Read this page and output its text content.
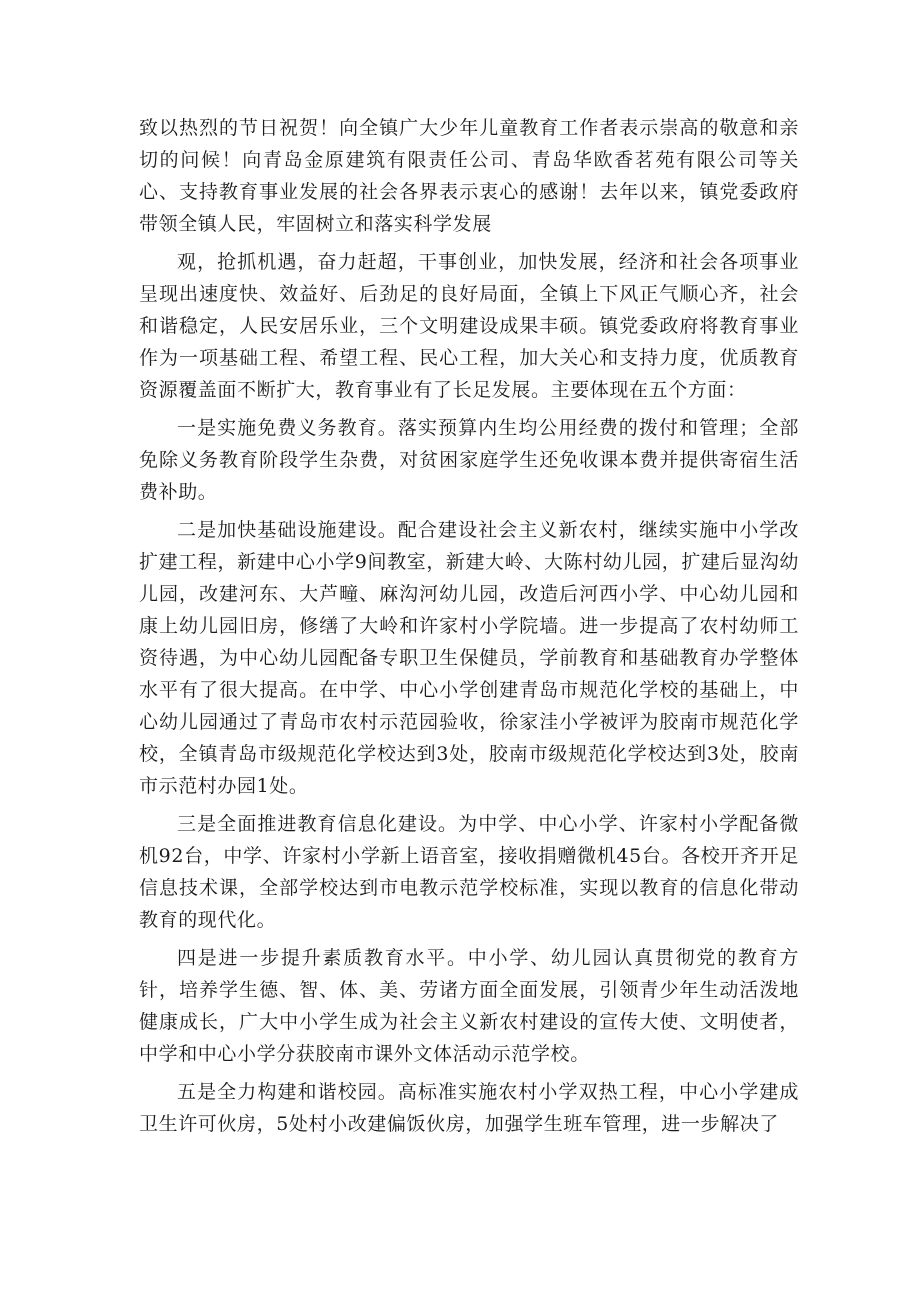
致以热烈的节日祝贺！向全镇广大少年儿童教育工作者表示崇高的敬意和亲切的问候！向青岛金原建筑有限责任公司、青岛华欧香茗苑有限公司等关心、支持教育事业发展的社会各界表示衷心的感谢！去年以来，镇党委政府带领全镇人民，牢固树立和落实科学发展

观，抢抓机遇，奋力赶超，干事创业，加快发展，经济和社会各项事业呈现出速度快、效益好、后劲足的良好局面，全镇上下风正气顺心齐，社会和谐稳定，人民安居乐业，三个文明建设成果丰硕。镇党委政府将教育事业作为一项基础工程、希望工程、民心工程，加大关心和支持力度，优质教育资源覆盖面不断扩大，教育事业有了长足发展。主要体现在五个方面：

一是实施免费义务教育。落实预算内生均公用经费的拨付和管理；全部免除义务教育阶段学生杂费，对贫困家庭学生还免收课本费并提供寄宿生活费补助。

二是加快基础设施建设。配合建设社会主义新农村，继续实施中小学改扩建工程，新建中心小学9间教室，新建大岭、大陈村幼儿园，扩建后显沟幼儿园，改建河东、大芦疃、麻沟河幼儿园，改造后河西小学、中心幼儿园和康上幼儿园旧房，修缮了大岭和许家村小学院墙。进一步提高了农村幼师工资待遇，为中心幼儿园配备专职卫生保健员，学前教育和基础教育办学整体水平有了很大提高。在中学、中心小学创建青岛市规范化学校的基础上，中心幼儿园通过了青岛市农村示范园验收，徐家洼小学被评为胶南市规范化学校，全镇青岛市级规范化学校达到3处，胶南市级规范化学校达到3处，胶南市示范村办园1处。

三是全面推进教育信息化建设。为中学、中心小学、许家村小学配备微机92台，中学、许家村小学新上语音室，接收捐赠微机45台。各校开齐开足信息技术课，全部学校达到市电教示范学校标准，实现以教育的信息化带动教育的现代化。

四是进一步提升素质教育水平。中小学、幼儿园认真贯彻党的教育方针，培养学生德、智、体、美、劳诸方面全面发展，引领青少年生动活泼地健康成长，广大中小学生成为社会主义新农村建设的宣传大使、文明使者，中学和中心小学分获胶南市课外文体活动示范学校。

五是全力构建和谐校园。高标准实施农村小学双热工程，中心小学建成卫生许可伙房，5处村小改建偏饭伙房，加强学生班车管理，进一步解决了
